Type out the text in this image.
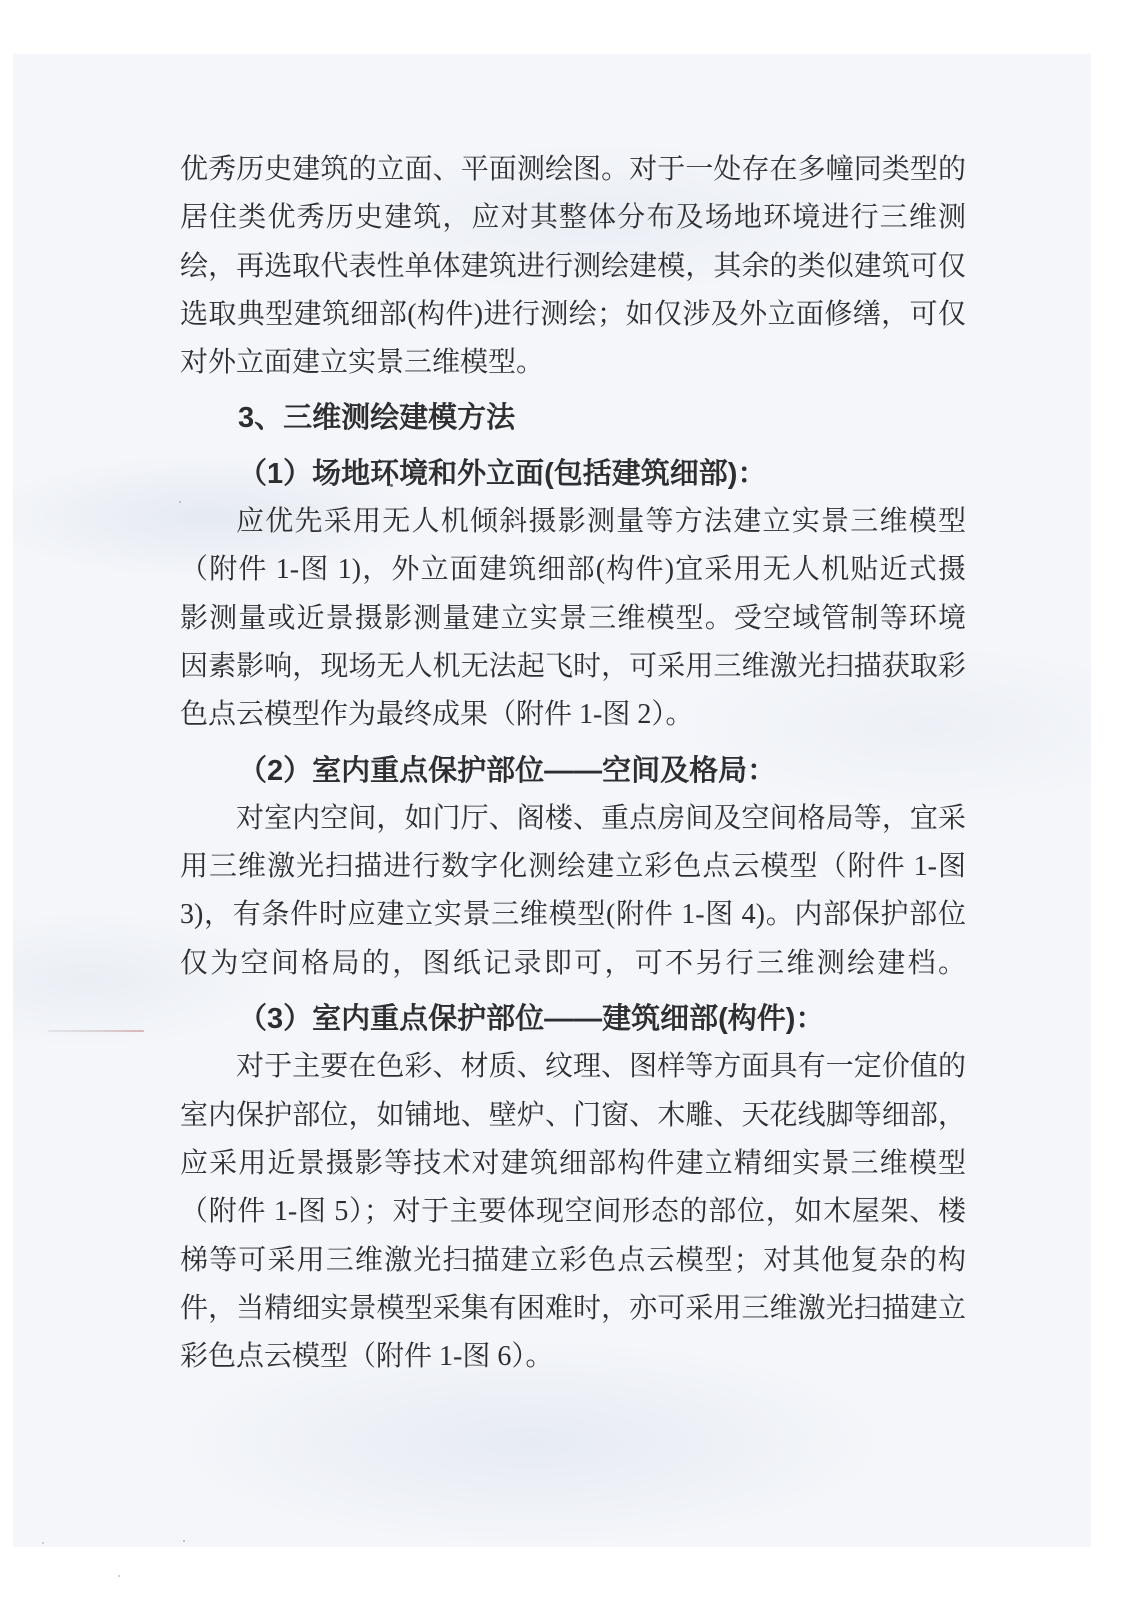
优秀历史建筑的立面、平面测绘图。对于一处存在多幢同类型的
居住类优秀历史建筑，应对其整体分布及场地环境进行三维测
绘，再选取代表性单体建筑进行测绘建模，其余的类似建筑可仅
选取典型建筑细部(构件)进行测绘；如仅涉及外立面修缮，可仅
对外立面建立实景三维模型。
3、三维测绘建模方法
（1）场地环境和外立面(包括建筑细部)：
应优先采用无人机倾斜摄影测量等方法建立实景三维模型
（附件 1-图 1)，外立面建筑细部(构件)宜采用无人机贴近式摄
影测量或近景摄影测量建立实景三维模型。受空域管制等环境
因素影响，现场无人机无法起飞时，可采用三维激光扫描获取彩
色点云模型作为最终成果（附件 1-图 2）。
（2）室内重点保护部位——空间及格局：
对室内空间，如门厅、阁楼、重点房间及空间格局等，宜采
用三维激光扫描进行数字化测绘建立彩色点云模型（附件 1-图
3)，有条件时应建立实景三维模型(附件 1-图 4)。内部保护部位
仅为空间格局的，图纸记录即可，可不另行三维测绘建档。
（3）室内重点保护部位——建筑细部(构件)：
对于主要在色彩、材质、纹理、图样等方面具有一定价值的
室内保护部位，如铺地、壁炉、门窗、木雕、天花线脚等细部，
应采用近景摄影等技术对建筑细部构件建立精细实景三维模型
（附件 1-图 5）；对于主要体现空间形态的部位，如木屋架、楼
梯等可采用三维激光扫描建立彩色点云模型；对其他复杂的构
件，当精细实景模型采集有困难时，亦可采用三维激光扫描建立
彩色点云模型（附件 1-图 6）。
